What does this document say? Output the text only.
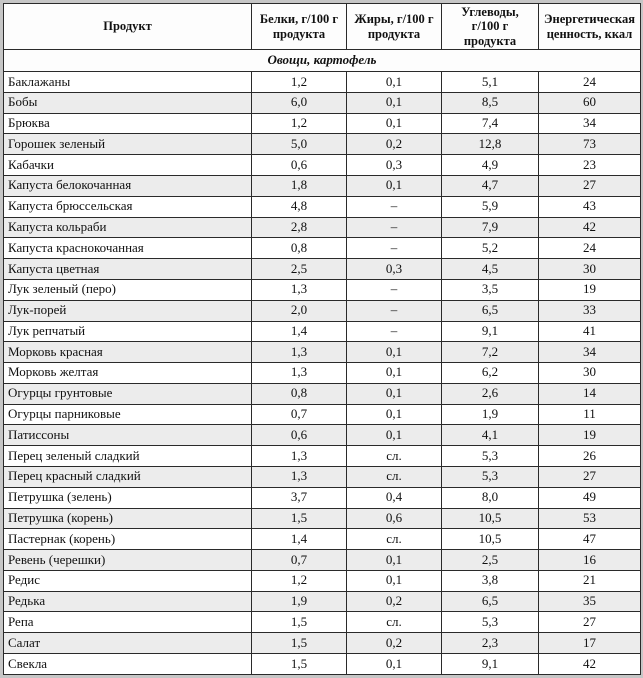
Продукт	Белки, г/100 г продукта	Жиры, г/100 г продукта	Углеводы, г/100 г продукта	Энергетическая ценность, ккал
Овощи, картофель				
Баклажаны	1,2	0,1	5,1	24
Бобы	6,0	0,1	8,5	60
Брюква	1,2	0,1	7,4	34
Горошек зеленый	5,0	0,2	12,8	73
Кабачки	0,6	0,3	4,9	23
Капуста белокочанная	1,8	0,1	4,7	27
Капуста брюссельская	4,8	–	5,9	43
Капуста кольраби	2,8	–	7,9	42
Капуста краснокочанная	0,8	–	5,2	24
Капуста цветная	2,5	0,3	4,5	30
Лук зеленый (перо)	1,3	–	3,5	19
Лук-порей	2,0	–	6,5	33
Лук репчатый	1,4	–	9,1	41
Морковь красная	1,3	0,1	7,2	34
Морковь желтая	1,3	0,1	6,2	30
Огурцы грунтовые	0,8	0,1	2,6	14
Огурцы парниковые	0,7	0,1	1,9	11
Патиссоны	0,6	0,1	4,1	19
Перец зеленый сладкий	1,3	сл.	5,3	26
Перец красный сладкий	1,3	сл.	5,3	27
Петрушка (зелень)	3,7	0,4	8,0	49
Петрушка (корень)	1,5	0,6	10,5	53
Пастернак (корень)	1,4	сл.	10,5	47
Ревень (черешки)	0,7	0,1	2,5	16
Редис	1,2	0,1	3,8	21
Редька	1,9	0,2	6,5	35
Репа	1,5	сл.	5,3	27
Салат	1,5	0,2	2,3	17
Свекла	1,5	0,1	9,1	42
